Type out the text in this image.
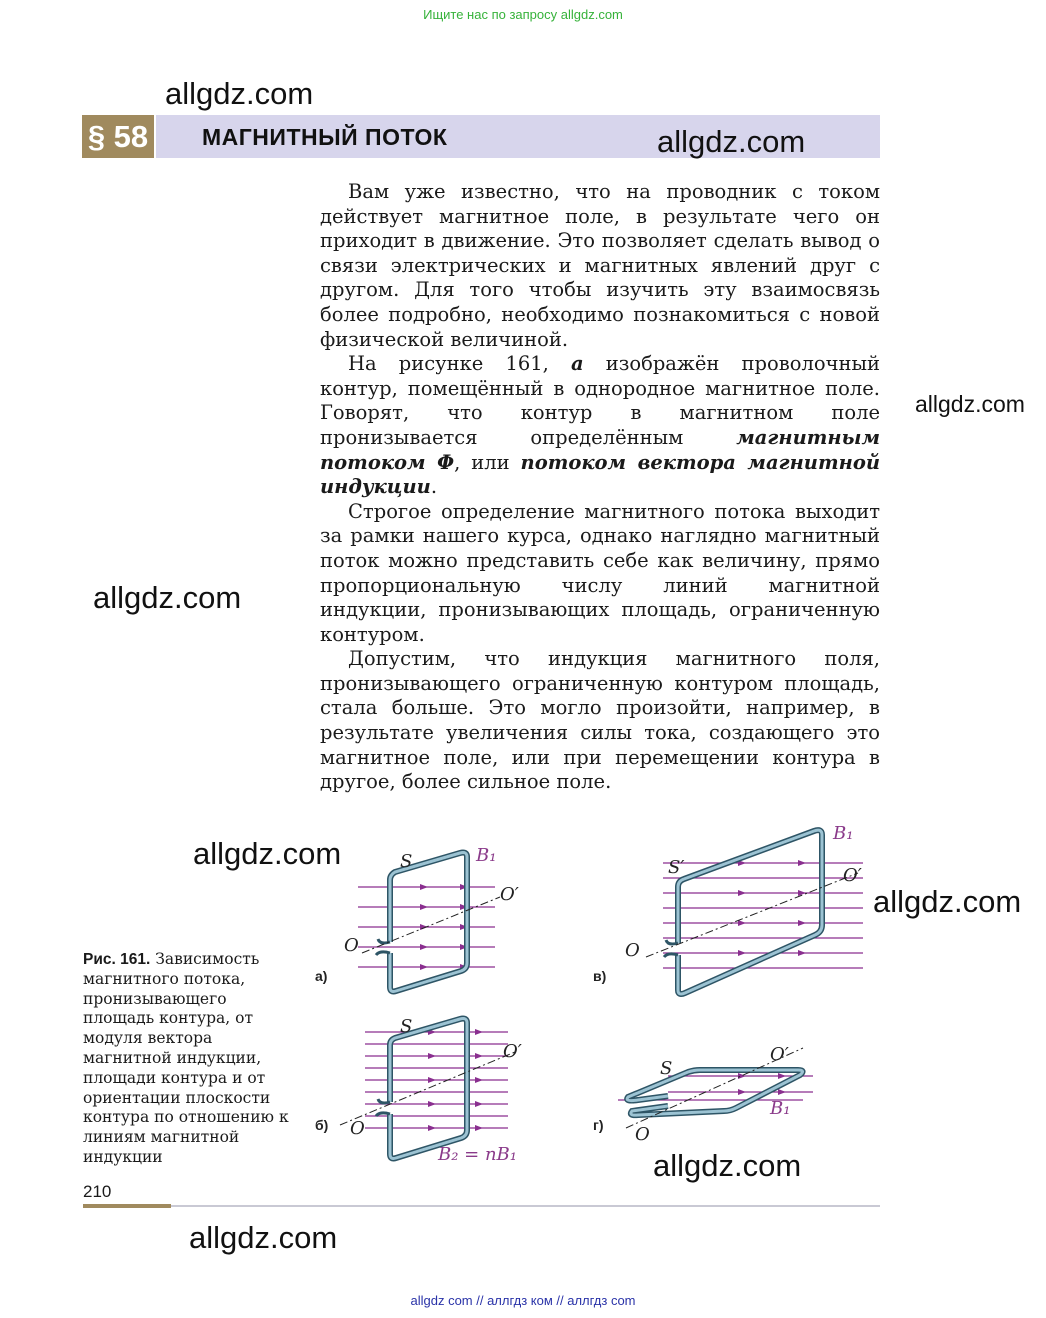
Ищите нас по запросу allgdz.com
allgdz.com
§ 58 МАГНИТНЫЙ ПОТОК	allgdz.com

Вам уже известно, что на проводник с током действует магнитное поле, в результате чего он приходит в движение. Это позволяет сделать вывод о связи электрических и магнитных явлений друг с другом. Для того чтобы изучить эту взаимосвязь более подробно, необходимо познакомиться с новой физической величиной.

На рисунке 161, а изображён проволочный контур, помещённый в однородное магнитное поле. Говорят, что контур в магнитном поле пронизывается определённым магнитным потоком Φ, или потоком вектора магнитной индукции.

Строгое определение магнитного потока выходит за рамки нашего курса, однако наглядно магнитный поток можно представить себе как величину, прямо пропорциональную числу линий магнитной индукции, пронизывающих площадь, ограниченную контуром.

Допустим, что индукция магнитного поля, пронизывающего ограниченную контуром площадь, стала больше. Это могло произойти, например, в результате увеличения силы тока, создающего это магнитное поле, или при перемещении контура в другое, более сильное поле.

allgdz.com
allgdz.com
allgdz.com
allgdz.com
allgdz.com
allgdz.com
O
O′
S	B₁
а)
O
O′
S
B₂ = nB₁
б)
O
O′
S′
B₁
в)
O
O′
S
B₁
г)
Рис. 161. Зависимость магнитного потока, пронизывающего площадь контура, от модуля вектора магнитной индукции, площади контура и от ориентации плоскости контура по отношению к линиям магнитной индукции
210
allgdz com // аллгдз ком // аллгдз com
